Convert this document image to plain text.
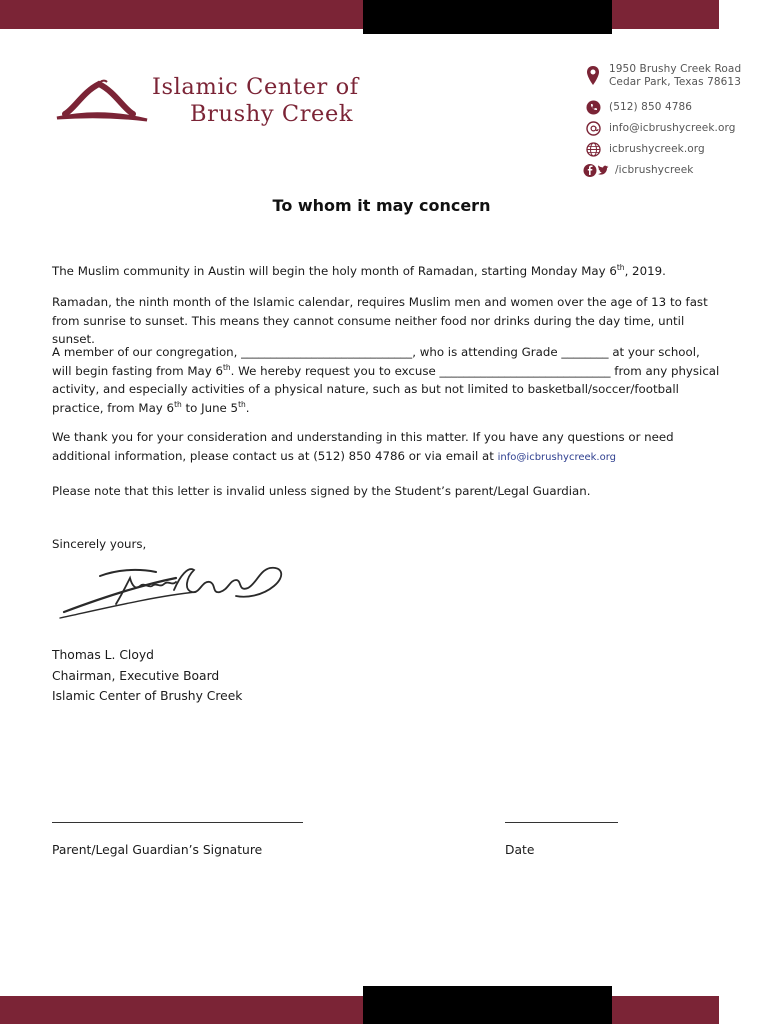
Islamic Center of
Brushy Creek
1950 Brushy Creek Road
Cedar Park, Texas 78613
(512) 850 4786
info@icbrushycreek.org
icbrushycreek.org
/icbrushycreek
To whom it may concern
The Muslim community in Austin will begin the holy month of Ramadan, starting Monday May 6th, 2019.
Ramadan, the ninth month of the Islamic calendar, requires Muslim men and women over the age of 13 to fast from sunrise to sunset. This means they cannot consume neither food nor drinks during the day time, until sunset.
A member of our congregation, _____________________________, who is attending Grade ________ at your school, will begin fasting from May 6th. We hereby request you to excuse _____________________________ from any physical activity, and especially activities of a physical nature, such as but not limited to basketball/soccer/football practice, from May 6th to June 5th.
We thank you for your consideration and understanding in this matter. If you have any questions or need additional information, please contact us at (512) 850 4786 or via email at info@icbrushycreek.org
Please note that this letter is invalid unless signed by the Student’s parent/Legal Guardian.
Sincerely yours,
Thomas L. Cloyd
Chairman, Executive Board
Islamic Center of Brushy Creek
Parent/Legal Guardian’s Signature	Date
